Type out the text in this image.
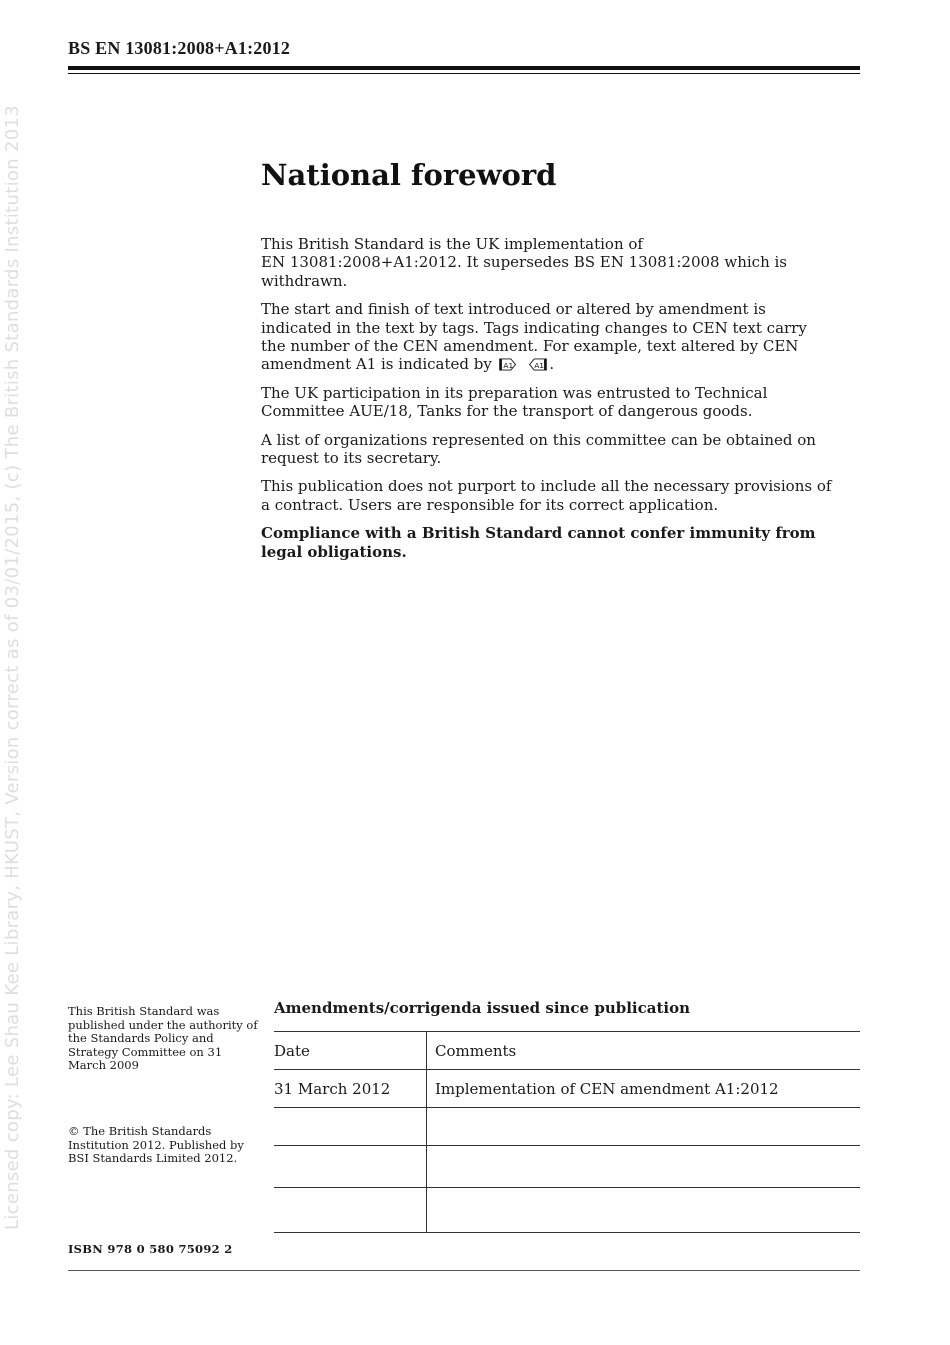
BS EN 13081:2008+A1:2012
Licensed copy: Lee Shau Kee Library, HKUST, Version correct as of 03/01/2015, (c) The British Standards Institution 2013	National foreword

This British Standard is the UK implementation of
EN 13081:2008+A1:2012. It supersedes BS EN 13081:2008 which is withdrawn.

The start and finish of text introduced or altered by amendment is indicated in the text by tags. Tags indicating changes to CEN text carry the number of the CEN amendment. For example, text altered by CEN amendment A1 is indicated by A1
	A1 .

The UK participation in its preparation was entrusted to Technical Committee AUE/18, Tanks for the transport of dangerous goods.

A list of organizations represented on this committee can be obtained on request to its secretary.

This publication does not purport to include all the necessary provisions of a contract. Users are responsible for its correct application.

Compliance with a British Standard cannot confer immunity from legal obligations.

This British Standard was published under the authority of the Standards Policy and Strategy Committee on 31 March 2009
© The British Standards Institution 2012. Published by BSI Standards Limited 2012.
ISBN 978 0 580 75092 2
Amendments/corrigenda issued since publication
Date	Comments
31 March 2012	Implementation of CEN amendment A1:2012
